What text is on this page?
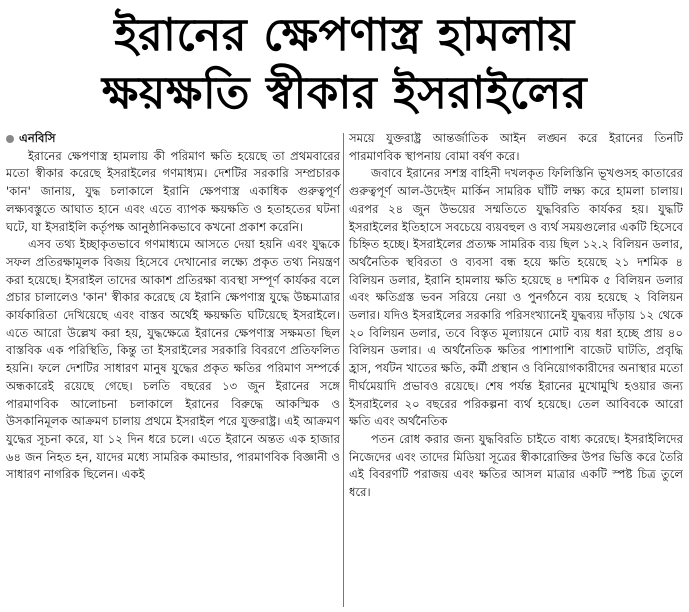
ইরানের ক্ষেপণাস্ত্র হামলায়
ক্ষয়ক্ষতি স্বীকার ইসরাইলের
এনবিসি

ইরানের ক্ষেপণাস্ত্র হামলায় কী পরিমাণ ক্ষতি হয়েছে তা প্রথমবারের মতো স্বীকার করেছে ইসরাইলের গণমাধ্যম। দেশটির সরকারি সম্প্রচারক 'কান' জানায়, যুদ্ধ চলাকালে ইরানি ক্ষেপণাস্ত্র একাধিক গুরুত্বপূর্ণ লক্ষ্যবস্তুতে আঘাত হানে এবং এতে ব্যাপক ক্ষয়ক্ষতি ও হতাহতের ঘটনা ঘটে, যা ইসরাইলি কর্তৃপক্ষ আনুষ্ঠানিকভাবে কখনো প্রকাশ করেনি।

এসব তথ্য ইচ্ছাকৃতভাবে গণমাধ্যমে আসতে দেয়া হয়নি এবং যুদ্ধকে সফল প্রতিরক্ষামূলক বিজয় হিসেবে দেখানোর লক্ষ্যে প্রকৃত তথ্য নিয়ন্ত্রণ করা হয়েছে। ইসরাইল তাদের আকাশ প্রতিরক্ষা ব্যবস্থা সম্পূর্ণ কার্যকর বলে প্রচার চালালেও 'কান' স্বীকার করেছে যে ইরানি ক্ষেপণাস্ত্র যুদ্ধে উচ্চমাত্রার কার্যকারিতা দেখিয়েছে এবং বাস্তব অর্থেই ক্ষয়ক্ষতি ঘটিয়েছে ইসরাইলে। এতে আরো উল্লেখ করা হয়, যুদ্ধক্ষেত্রে ইরানের ক্ষেপণাস্ত্র সক্ষমতা ছিল বাস্তবিক এক পরিস্থিতি, কিন্তু তা ইসরাইলের সরকারি বিবরণে প্রতিফলিত হয়নি। ফলে দেশটির সাধারণ মানুষ যুদ্ধের প্রকৃত ক্ষতির পরিমাণ সম্পর্কে অন্ধকারেই রয়েছে গেছে। চলতি বছরের ১৩ জুন ইরানের সঙ্গে পারমাণবিক আলোচনা চলাকালে ইরানের বিরুদ্ধে আকস্মিক ও উসকানিমূলক আক্রমণ চালায় প্রথমে ইসরাইল পরে যুক্তরাষ্ট্র। এই আক্রমণ যুদ্ধের সূচনা করে, যা ১২ দিন ধরে চলে। এতে ইরানে অন্তত এক হাজার ৬৪ জন নিহত হন, যাদের মধ্যে সামরিক কমান্ডার, পারমাণবিক বিজ্ঞানী ও সাধারণ নাগরিক ছিলেন। একই

সময়ে যুক্তরাষ্ট্র আন্তর্জাতিক আইন লঙ্ঘন করে ইরানের তিনটি পারমাণবিক স্থাপনায় বোমা বর্ষণ করে।

জবাবে ইরানের সশস্ত্র বাহিনী দখলকৃত ফিলিস্তিনি ভূখণ্ডসহ কাতারের গুরুত্বপূর্ণ আল-উদেইদ মার্কিন সামরিক ঘাঁটি লক্ষ্য করে হামলা চালায়। এরপর ২৪ জুন উভয়ের সম্মতিতে যুদ্ধবিরতি কার্যকর হয়। যুদ্ধটি ইসরাইলের ইতিহাসে সবচেয়ে ব্যয়বহুল ও ব্যর্থ সময়গুলোর একটি হিসেবে চিহ্নিত হচ্ছে। ইসরাইলের প্রত্যক্ষ সামরিক ব্যয় ছিল ১২.২ বিলিয়ন ডলার, অর্থনৈতিক স্থবিরতা ও ব্যবসা বন্ধ হয়ে ক্ষতি হয়েছে ২১ দশমিক ৪ বিলিয়ন ডলার, ইরানি হামলায় ক্ষতি হয়েছে ৪ দশমিক ৫ বিলিয়ন ডলার এবং ক্ষতিগ্রস্ত ভবন সরিয়ে নেয়া ও পুনর্গঠনে ব্যয় হয়েছে ২ বিলিয়ন ডলার। যদিও ইসরাইলের সরকারি পরিসংখ্যানেই যুদ্ধব্যয় দাঁড়ায় ১২ থেকে ২০ বিলিয়ন ডলার, তবে বিস্তৃত মূল্যায়নে মোট ব্যয় ধরা হচ্ছে প্রায় ৪০ বিলিয়ন ডলার। এ অর্থনৈতিক ক্ষতির পাশাপাশি বাজেট ঘাটতি, প্রবৃদ্ধি হ্রাস, পর্যটন খাতের ক্ষতি, কর্মী প্রস্থান ও বিনিয়োগকারীদের অনাস্থার মতো দীর্ঘমেয়াদি প্রভাবও রয়েছে। শেষ পর্যন্ত ইরানের মুখোমুখি হওয়ার জন্য ইসরাইলের ২০ বছরের পরিকল্পনা ব্যর্থ হয়েছে। তেল আবিবকে আরো ক্ষতি এবং অর্থনৈতিক

পতন রোধ করার জন্য যুদ্ধবিরতি চাইতে বাধ্য করেছে। ইসরাইলিদের নিজেদের এবং তাদের মিডিয়া সূত্রের স্বীকারোক্তির উপর ভিত্তি করে তৈরি এই বিবরণটি পরাজয় এবং ক্ষতির আসল মাত্রার একটি স্পষ্ট চিত্র তুলে ধরে।
